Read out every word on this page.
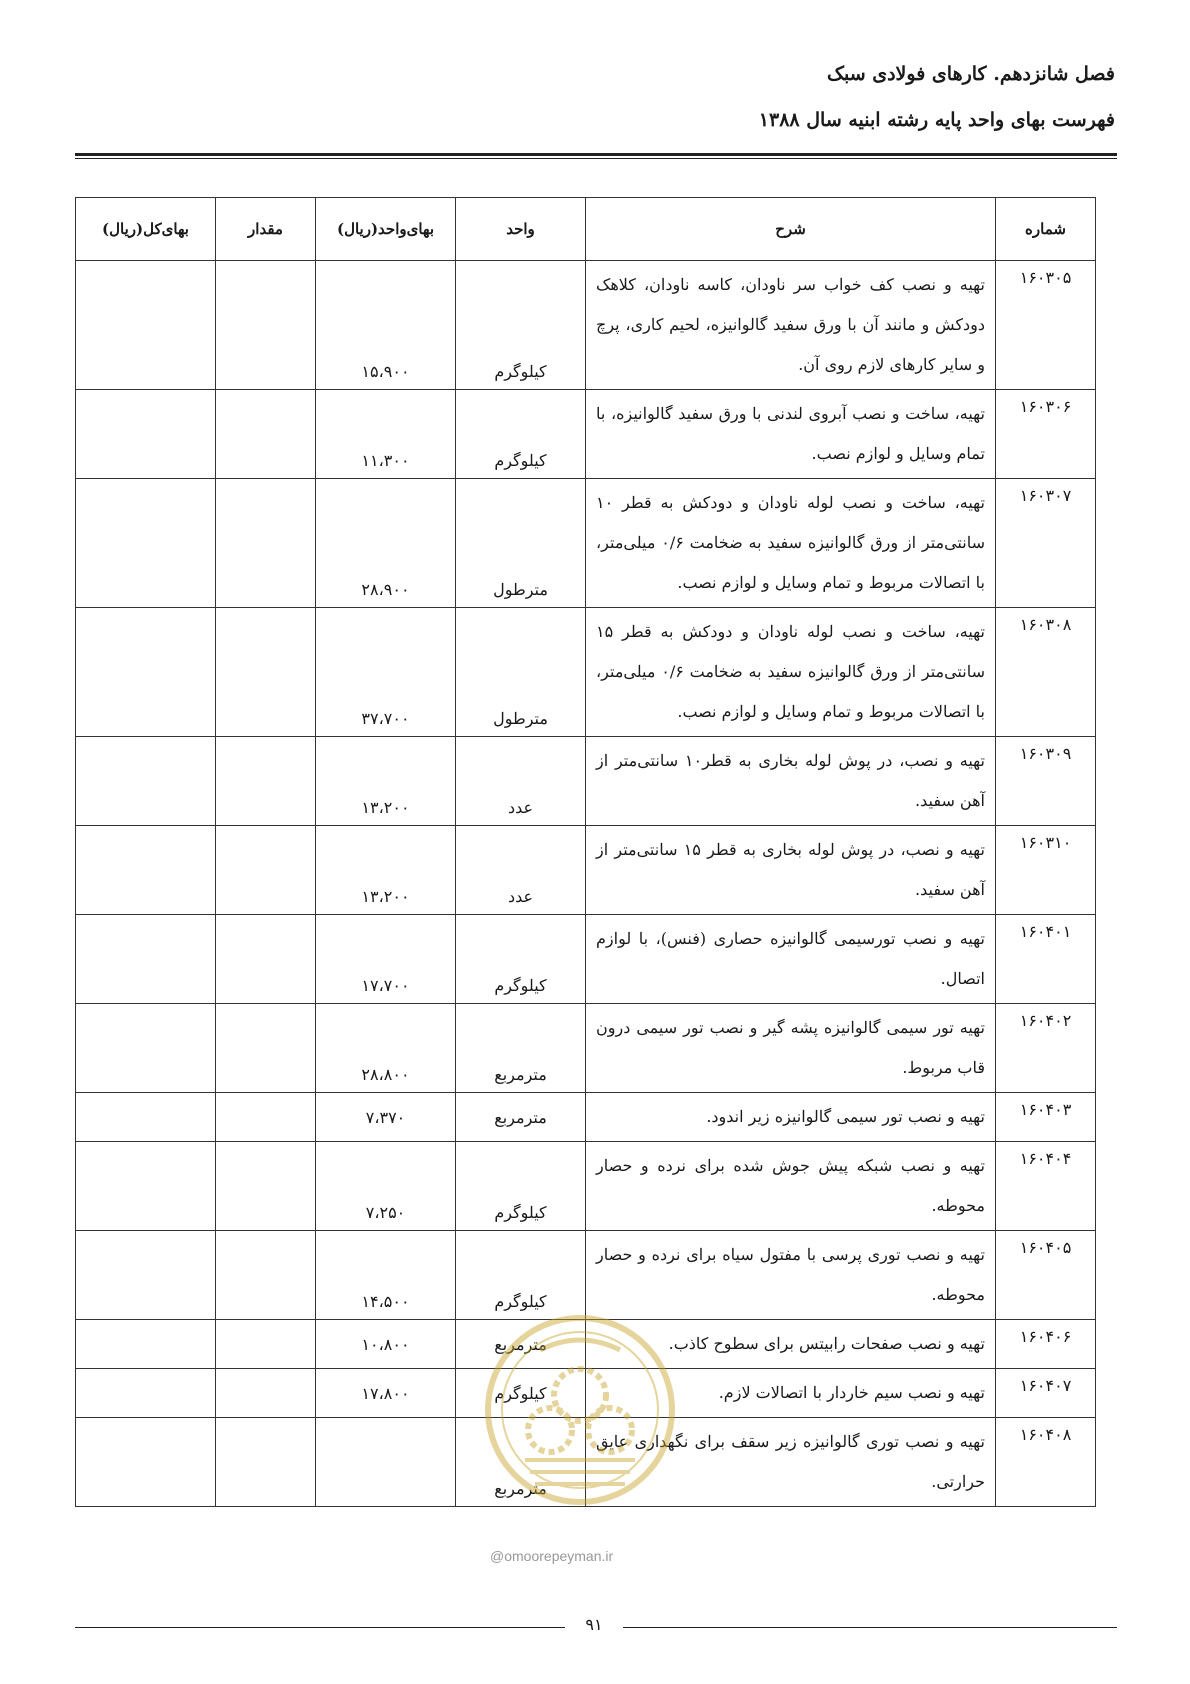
فصل شانزدهم. کارهای فولادی سبک
فهرست بهای واحد پایه رشته ابنیه سال ۱۳۸۸
شماره	شرح	واحد	بهای‌واحد(ریال)	مقدار	بهای‌کل(ریال)
۱۶۰۳۰۵	تهیه و نصب کف خواب سر ناودان، کاسه ناودان، کلاهک دودکش و مانند آن با ورق سفید گالوانیزه، لحیم کاری، پرچ و سایر کارهای لازم روی آن.	کیلوگرم	۱۵،۹۰۰		
۱۶۰۳۰۶	تهیه، ساخت و نصب آبروی لندنی با ورق سفید گالوانیزه، با تمام وسایل و لوازم نصب.	کیلوگرم	۱۱،۳۰۰		
۱۶۰۳۰۷	تهیه، ساخت و نصب لوله ناودان و دودکش به قطر ۱۰ سانتی‌متر از ورق گالوانیزه سفید به ضخامت ۰/۶ میلی‌متر، با اتصالات مربوط و تمام وسایل و لوازم نصب.	مترطول	۲۸،۹۰۰		
۱۶۰۳۰۸	تهیه، ساخت و نصب لوله ناودان و دودکش به قطر ۱۵ سانتی‌متر از ورق گالوانیزه سفید به ضخامت ۰/۶ میلی‌متر، با اتصالات مربوط و تمام وسایل و لوازم نصب.	مترطول	۳۷،۷۰۰		
۱۶۰۳۰۹	تهیه و نصب، در پوش لوله بخاری به قطر۱۰ سانتی‌متر از آهن سفید.	عدد	۱۳،۲۰۰		
۱۶۰۳۱۰	تهیه و نصب، در پوش لوله بخاری به قطر ۱۵ سانتی‌متر از آهن سفید.	عدد	۱۳،۲۰۰		
۱۶۰۴۰۱	تهیه و نصب تورسیمی گالوانیزه حصاری (فنس)، با لوازم اتصال.	کیلوگرم	۱۷،۷۰۰		
۱۶۰۴۰۲	تهیه تور سیمی گالوانیزه پشه گیر و نصب تور سیمی درون قاب مربوط.	مترمربع	۲۸،۸۰۰		
۱۶۰۴۰۳	تهیه و نصب تور سیمی گالوانیزه زیر اندود.	مترمربع	۷،۳۷۰		
۱۶۰۴۰۴	تهیه و نصب شبکه پیش جوش شده برای نرده و حصار محوطه.	کیلوگرم	۷،۲۵۰		
۱۶۰۴۰۵	تهیه و نصب توری پرسی با مفتول سیاه برای نرده و حصار محوطه.	کیلوگرم	۱۴،۵۰۰		
۱۶۰۴۰۶	تهیه و نصب صفحات رابیتس برای سطوح کاذب.	مترمربع	۱۰،۸۰۰		
۱۶۰۴۰۷	تهیه و نصب سیم خاردار با اتصالات لازم.	کیلوگرم	۱۷،۸۰۰		
۱۶۰۴۰۸	تهیه و نصب توری گالوانیزه زیر سقف برای نگهداری عایق حرارتی.	مترمربع			
@omoorepeyman.ir
۹۱
